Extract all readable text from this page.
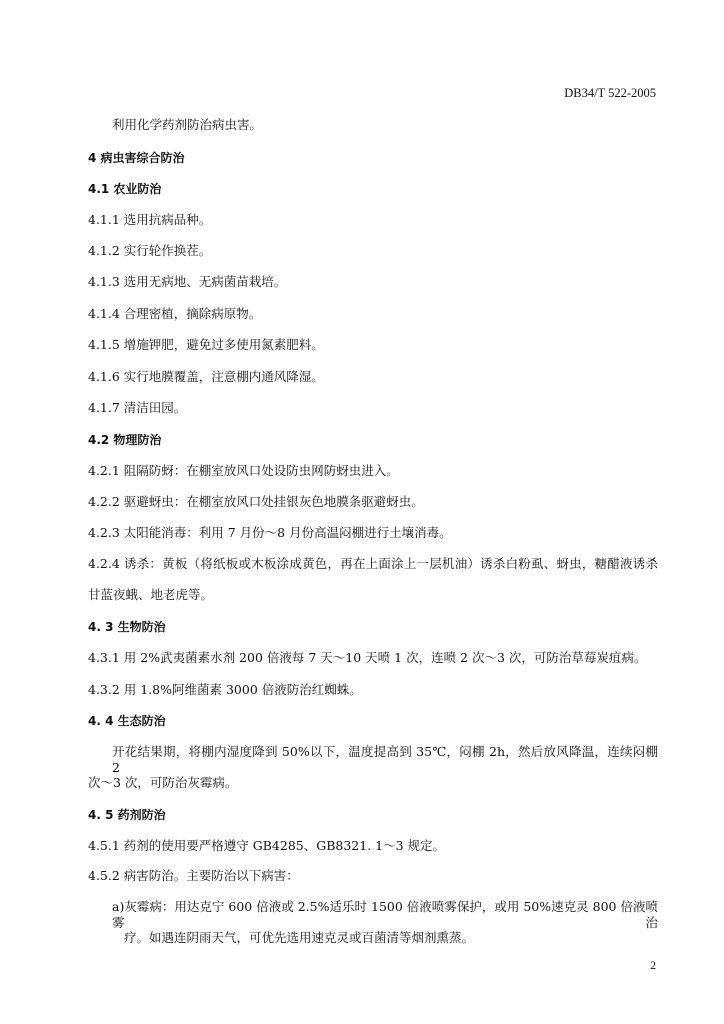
DB34/T 522-2005
利用化学药剂防治病虫害。
4 病虫害综合防治
4.1 农业防治
4.1.1 选用抗病品种。
4.1.2 实行轮作换茬。
4.1.3 选用无病地、无病菌苗栽培。
4.1.4 合理密植，摘除病原物。
4.1.5 增施钾肥，避免过多使用氮素肥料。
4.1.6 实行地膜覆盖，注意棚内通风降湿。
4.1.7 清洁田园。
4.2 物理防治
4.2.1 阻隔防蚜：在棚室放风口处设防虫网防蚜虫进入。
4.2.2 驱避蚜虫：在棚室放风口处挂银灰色地膜条驱避蚜虫。
4.2.3 太阳能消毒：利用 7 月份～8 月份高温闷棚进行土壤消毒。
4.2.4 诱杀：黄板（将纸板或木板涂成黄色，再在上面涂上一层机油）诱杀白粉虱、蚜虫，糖醋液诱杀
甘蓝夜蛾、地老虎等。
4. 3 生物防治
4.3.1 用 2%武夷菌素水剂 200 倍液每 7 天～10 天喷 1 次，连喷 2 次～3 次，可防治草莓炭疽病。
4.3.2 用 1.8%阿维菌素 3000 倍液防治红蜘蛛。
4. 4 生态防治
开花结果期，将棚内湿度降到 50%以下，温度提高到 35℃，闷棚 2h，然后放风降温，连续闷棚 2
次～3 次，可防治灰霉病。
4. 5 药剂防治
4.5.1 药剂的使用要严格遵守 GB4285、GB8321. 1～3 规定。
4.5.2 病害防治。主要防治以下病害：
a)灰霉病：用达克宁 600 倍液或 2.5%适乐时 1500 倍液喷雾保护，或用 50%速克灵 800 倍液喷雾治
疗。如遇连阴雨天气，可优先选用速克灵或百菌清等烟剂熏蒸。
2
